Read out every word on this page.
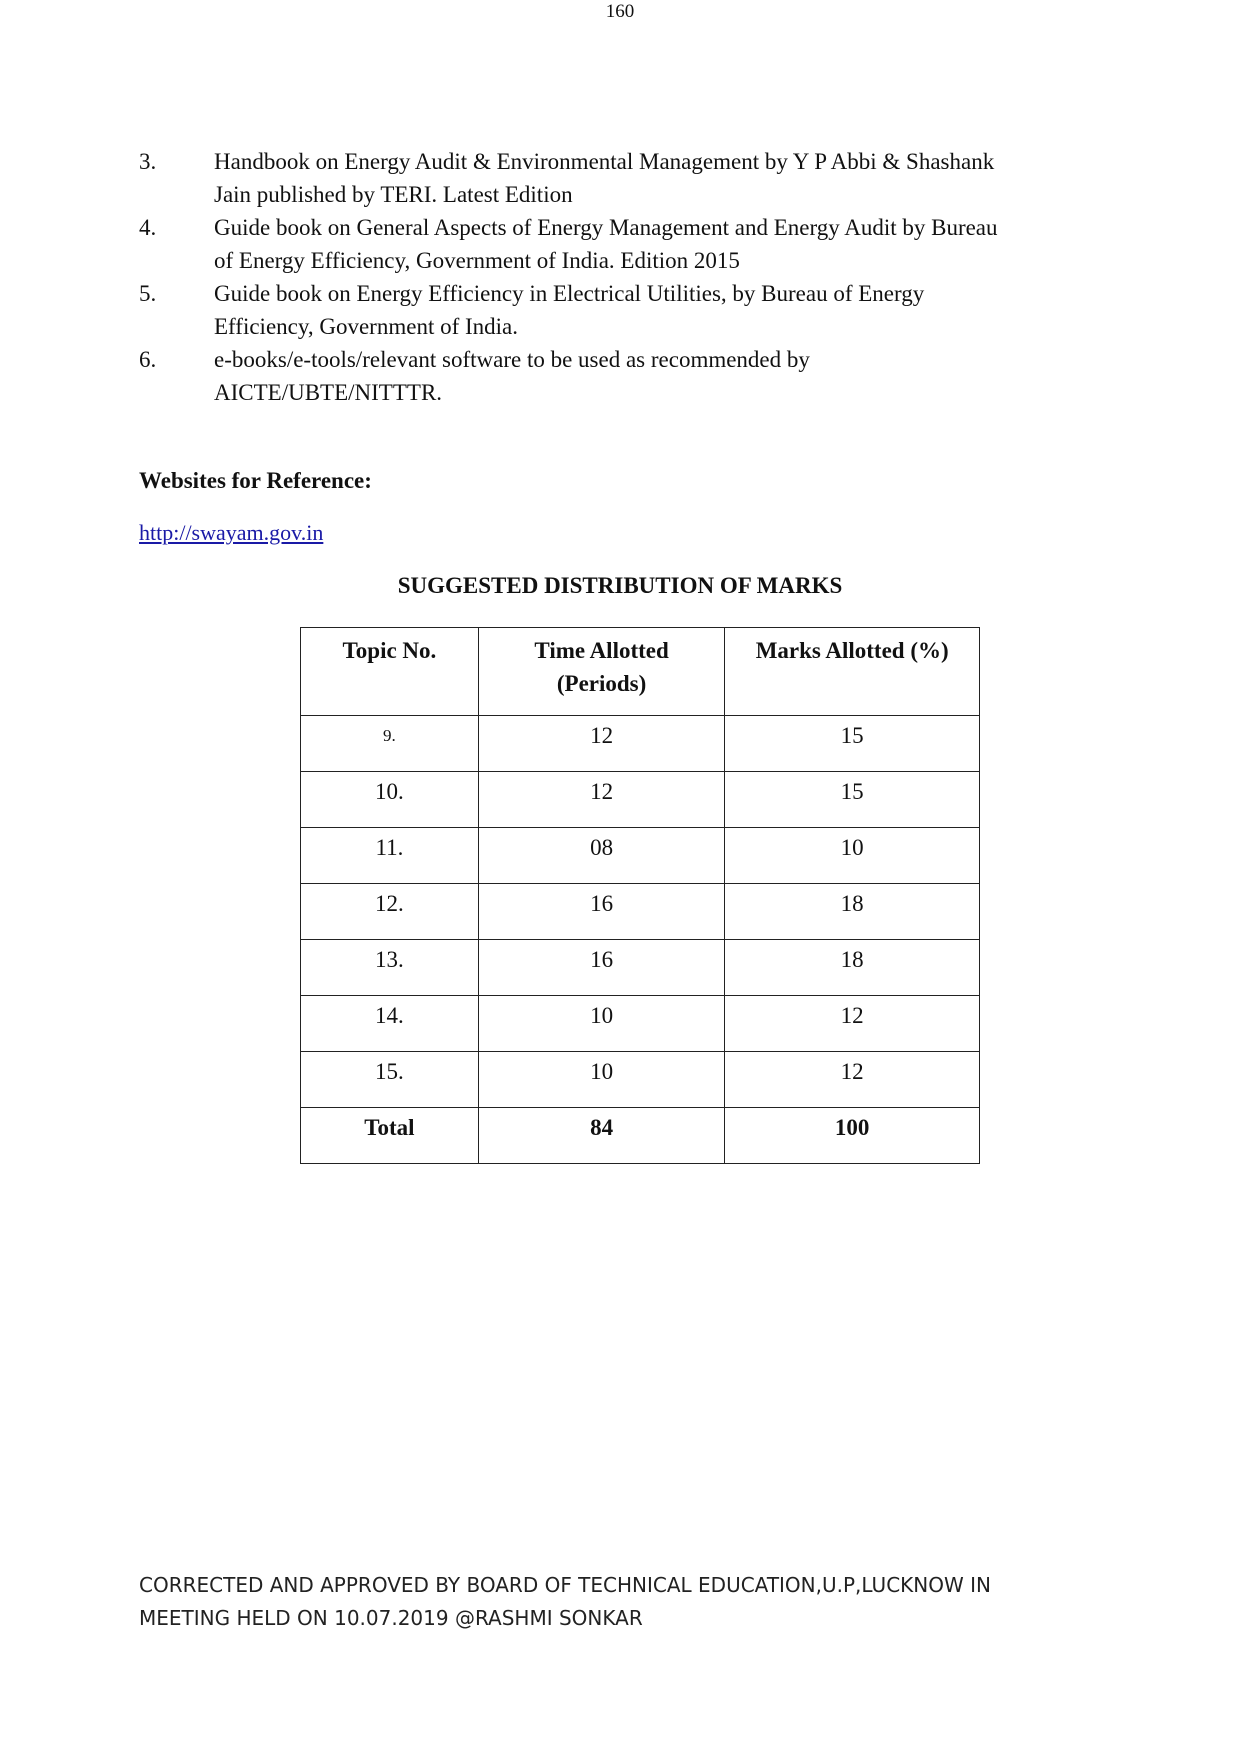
160
3.	Handbook on Energy Audit & Environmental Management by Y P Abbi & Shashank
Jain published by TERI. Latest Edition
4.	Guide book on General Aspects of Energy Management and Energy Audit by Bureau
of Energy Efficiency, Government of India. Edition 2015
5.	Guide book on Energy Efficiency in Electrical Utilities, by Bureau of Energy
Efficiency, Government of India.
6.	e-books/e-tools/relevant software to be used as recommended by
AICTE/UBTE/NITTTR.
Websites for Reference:
http://swayam.gov.in
SUGGESTED DISTRIBUTION OF MARKS
Topic No.	Time Allotted (Periods)	Marks Allotted (%)
9.	12	15
10.	12	15
11.	08	10
12.	16	18
13.	16	18
14.	10	12
15.	10	12
Total	84	100
CORRECTED AND APPROVED BY BOARD OF TECHNICAL EDUCATION,U.P,LUCKNOW IN
MEETING HELD ON 10.07.2019 @RASHMI SONKAR
